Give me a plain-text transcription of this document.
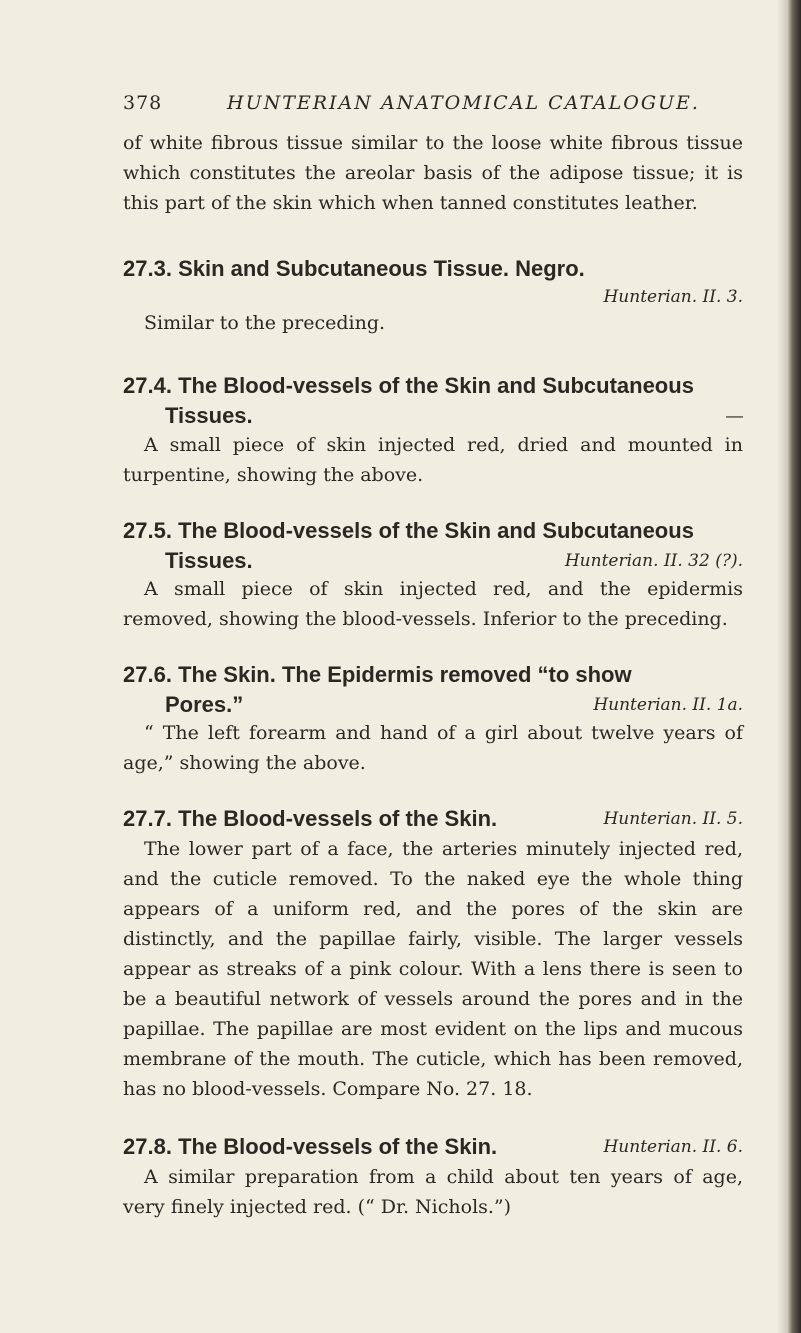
378	HUNTERIAN ANATOMICAL CATALOGUE.
of white fibrous tissue similar to the loose white fibrous tissue which constitutes the areolar basis of the adipose tissue; it is this part of the skin which when tanned constitutes leather.
27.3. Skin and Subcutaneous Tissue. Negro.
Hunterian. II. 3.
Similar to the preceding.
27.4. The Blood-vessels of the Skin and Subcutaneous
Tissues.	—
A small piece of skin injected red, dried and mounted in turpentine, showing the above.
27.5. The Blood-vessels of the Skin and Subcutaneous
Tissues.	Hunterian. II. 32 (?).
A small piece of skin injected red, and the epidermis removed, showing the blood-vessels. Inferior to the preceding.
27.6. The Skin. The Epidermis removed “to show
Pores.”	Hunterian. II. 1a.
“ The left forearm and hand of a girl about twelve years of age,” showing the above.
27.7. The Blood-vessels of the Skin.	Hunterian. II. 5.
The lower part of a face, the arteries minutely injected red, and the cuticle removed. To the naked eye the whole thing appears of a uniform red, and the pores of the skin are distinctly, and the papillae fairly, visible. The larger vessels appear as streaks of a pink colour. With a lens there is seen to be a beautiful network of vessels around the pores and in the papillae. The papillae are most evident on the lips and mucous membrane of the mouth. The cuticle, which has been removed, has no blood-vessels. Compare No. 27. 18.
27.8. The Blood-vessels of the Skin.	Hunterian. II. 6.
A similar preparation from a child about ten years of age, very finely injected red. (“ Dr. Nichols.”)
